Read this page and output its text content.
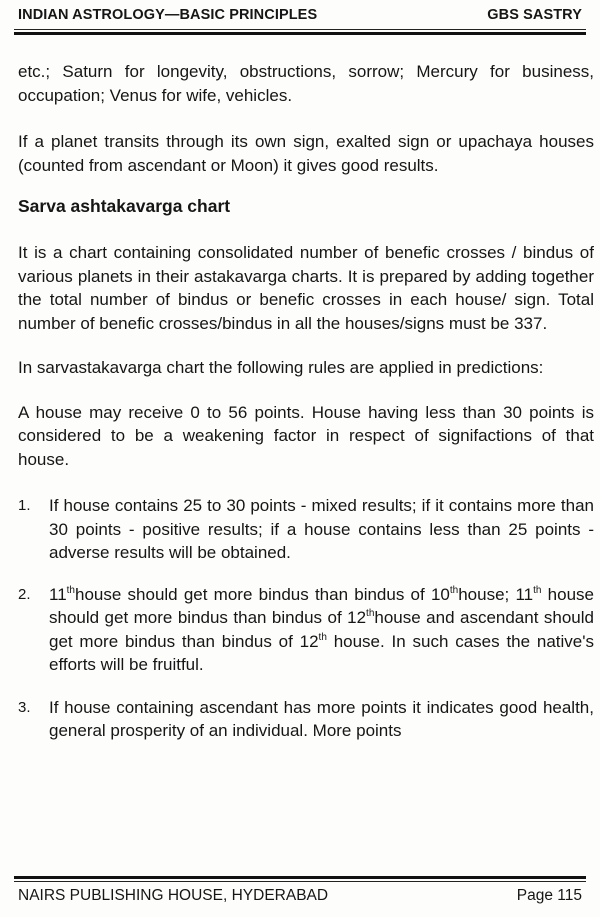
INDIAN ASTROLOGY—BASIC PRINCIPLES	GBS SASTRY

etc.; Saturn for longevity, obstructions, sorrow; Mercury for business, occupation; Venus for wife, vehicles.

If a planet transits through its own sign, exalted sign or upachaya houses (counted from ascendant or Moon) it gives good results.

Sarva ashtakavarga chart

It is a chart containing consolidated number of benefic crosses / bindus of various planets in their astakavarga charts. It is prepared by adding together the total number of bindus or benefic crosses in each house/ sign. Total number of benefic crosses/bindus in all the houses/signs must be 337.

In sarvastakavarga chart the following rules are applied in predictions:

A house may receive 0 to 56 points. House having less than 30 points is considered to be a weakening factor in respect of signifactions of that house.

1. If house contains 25 to 30 points - mixed results; if it contains more than 30 points - positive results; if a house contains less than 25 points - adverse results will be obtained.

2. 11thhouse should get more bindus than bindus of 10thhouse; 11th house should get more bindus than bindus of 12thhouse and ascendant should get more bindus than bindus of 12th house. In such cases the native's efforts will be fruitful.

3. If house containing ascendant has more points it indicates good health, general prosperity of an individual. More points

NAIRS PUBLISHING HOUSE, HYDERABAD	Page 115
